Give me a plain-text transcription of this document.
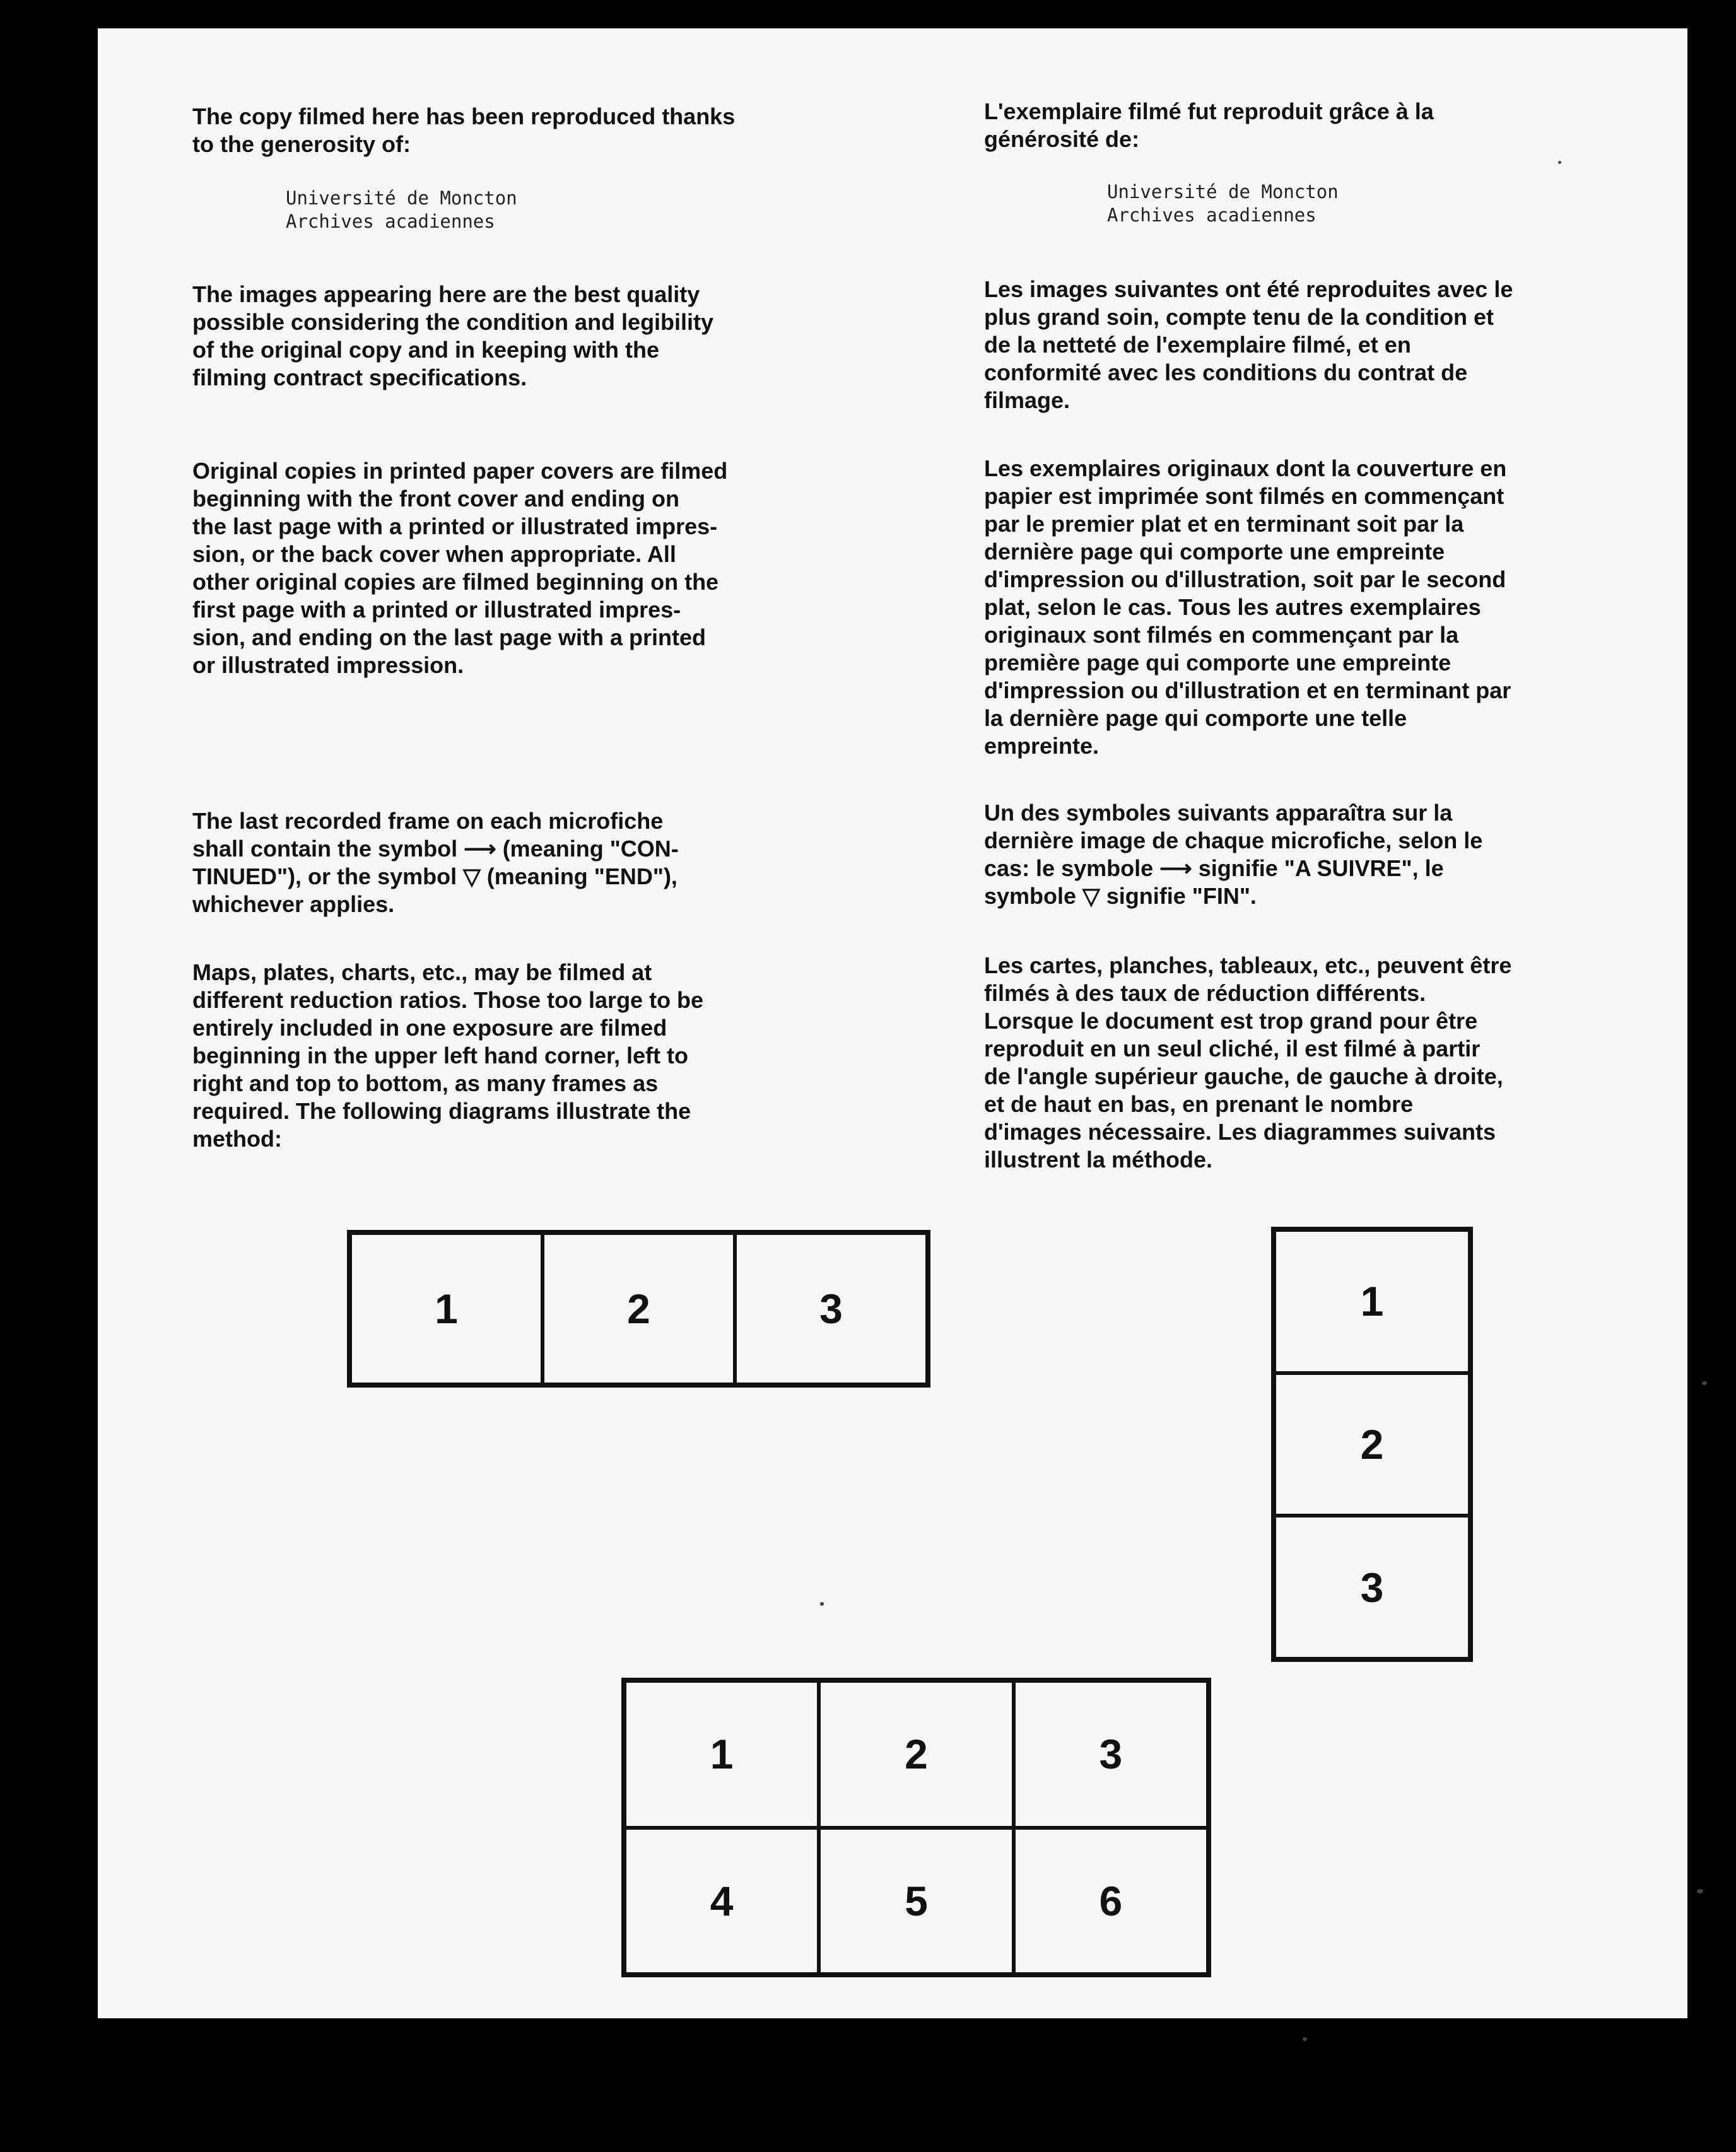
The copy filmed here has been reproduced thanks
to the generosity of:

Université de Moncton
Archives acadiennes

The images appearing here are the best quality
possible considering the condition and legibility
of the original copy and in keeping with the
filming contract specifications.

Original copies in printed paper covers are filmed
beginning with the front cover and ending on
the last page with a printed or illustrated impres-
sion, or the back cover when appropriate. All
other original copies are filmed beginning on the
first page with a printed or illustrated impres-
sion, and ending on the last page with a printed
or illustrated impression.

The last recorded frame on each microfiche
shall contain the symbol ⟶ (meaning "CON-
TINUED"), or the symbol ▽ (meaning "END"),
whichever applies.

Maps, plates, charts, etc., may be filmed at
different reduction ratios. Those too large to be
entirely included in one exposure are filmed
beginning in the upper left hand corner, left to
right and top to bottom, as many frames as
required. The following diagrams illustrate the
method:

L'exemplaire filmé fut reproduit grâce à la
générosité de:

Université de Moncton
Archives acadiennes

Les images suivantes ont été reproduites avec le
plus grand soin, compte tenu de la condition et
de la netteté de l'exemplaire filmé, et en
conformité avec les conditions du contrat de
filmage.

Les exemplaires originaux dont la couverture en
papier est imprimée sont filmés en commençant
par le premier plat et en terminant soit par la
dernière page qui comporte une empreinte
d'impression ou d'illustration, soit par le second
plat, selon le cas. Tous les autres exemplaires
originaux sont filmés en commençant par la
première page qui comporte une empreinte
d'impression ou d'illustration et en terminant par
la dernière page qui comporte une telle
empreinte.

Un des symboles suivants apparaîtra sur la
dernière image de chaque microfiche, selon le
cas: le symbole ⟶ signifie "A SUIVRE", le
symbole ▽ signifie "FIN".

Les cartes, planches, tableaux, etc., peuvent être
filmés à des taux de réduction différents.
Lorsque le document est trop grand pour être
reproduit en un seul cliché, il est filmé à partir
de l'angle supérieur gauche, de gauche à droite,
et de haut en bas, en prenant le nombre
d'images nécessaire. Les diagrammes suivants
illustrent la méthode.

1	2	3	1
2
3
1	2	3
4	5	6
